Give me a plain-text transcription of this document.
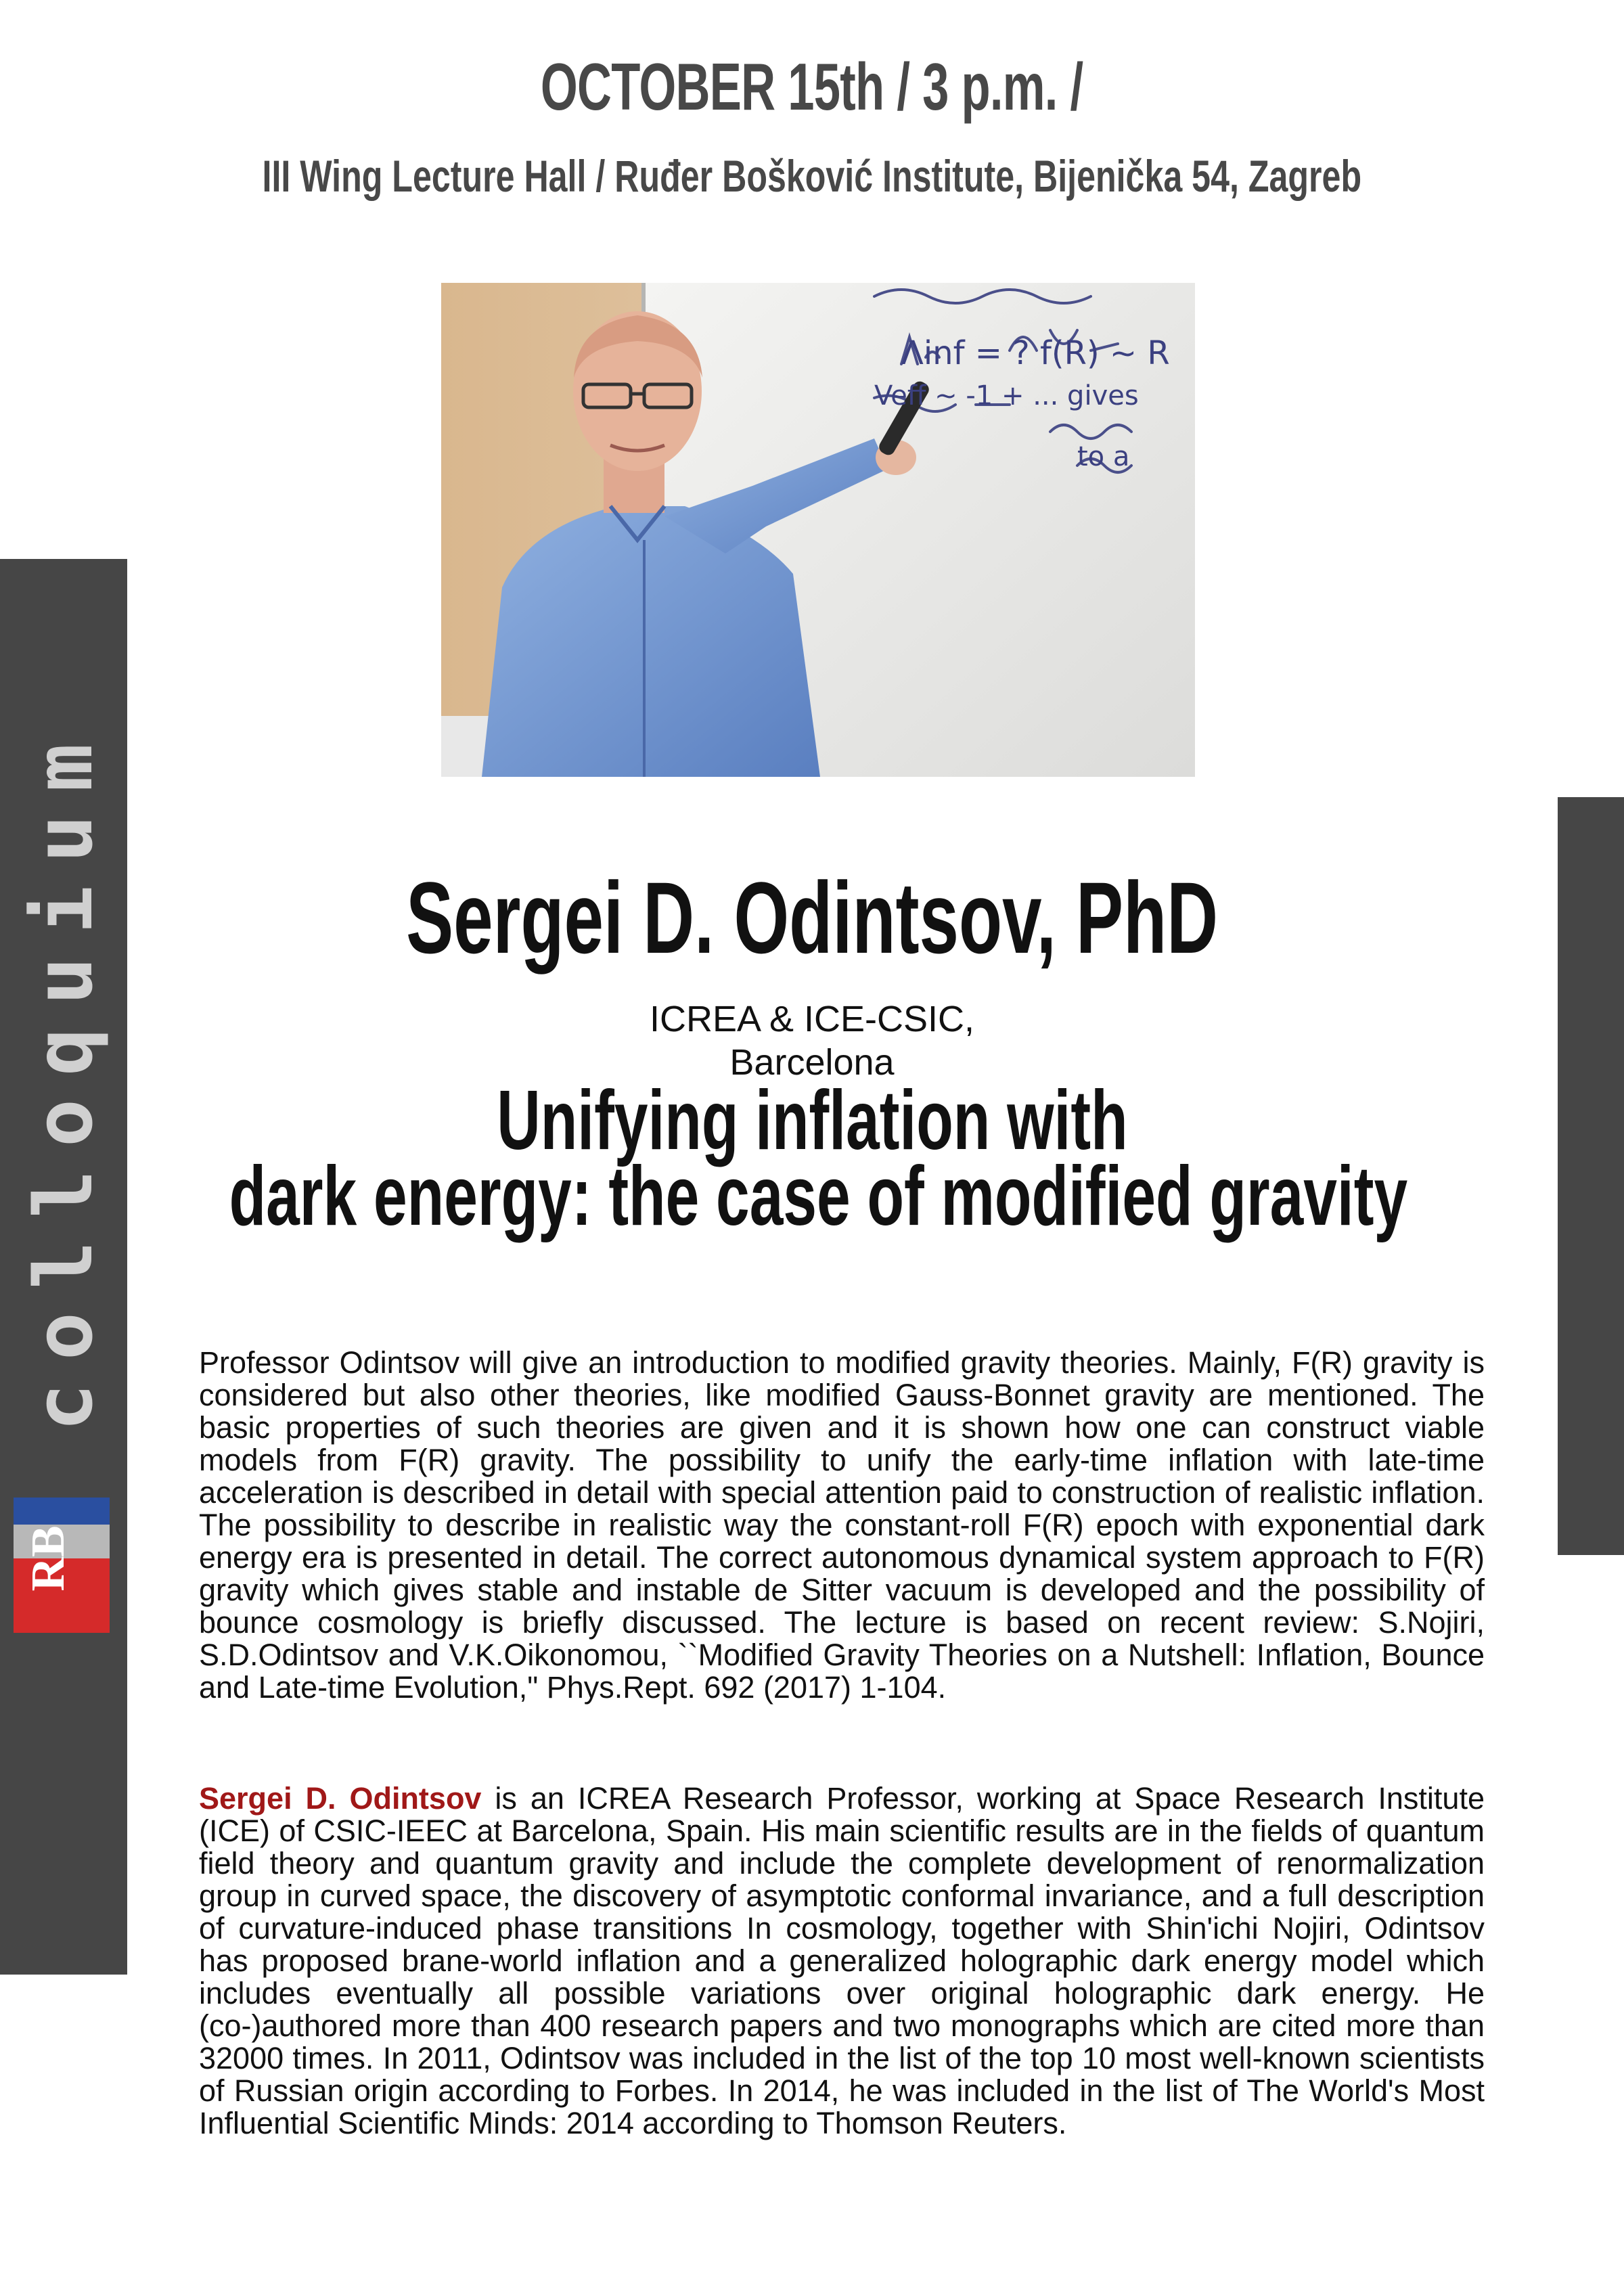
OCTOBER 15th / 3 p.m. /
III Wing Lecture Hall / Ruđer Bošković Institute, Bijenička 54, Zagreb
colloquium
RB
Λinf = ? f(R) ~ R
Veff ~ -1 + ... gives
to a
Sergei D. Odintsov, PhD
ICREA & ICE-CSIC,
Barcelona
Unifying inflation with
dark energy: the case of modified gravity
Professor Odintsov will give an introduction to modified gravity theories. Mainly, F(R) gravity is considered but also other theories, like modified Gauss-Bonnet gravity are mentioned. The basic properties of such theories are given and it is shown how one can construct viable models from F(R) gravity. The possibility to unify the early-time inflation with late-time acceleration is described in detail with special attention paid to construction of realistic inflation. The possibility to describe in realistic way the constant-roll F(R) epoch with exponential dark energy era is presented in detail. The correct autonomous dynamical system approach to F(R) gravity which gives stable and instable de Sitter vacuum is developed and the possibility of bounce cosmology is briefly discussed. The lecture is based on recent review: S.Nojiri, S.D.Odintsov and V.K.Oikonomou, ``Modified Gravity Theories on a Nutshell: Inflation, Bounce and Late-time Evolution," Phys.Rept. 692 (2017) 1-104.
Sergei D. Odintsov is an ICREA Research Professor, working at Space Research Institute (ICE) of CSIC-IEEC at Barcelona, Spain. His main scientific results are in the fields of quantum field theory and quantum gravity and include the complete development of renormalization group in curved space, the discovery of asymptotic conformal invariance, and a full description of curvature-induced phase transitions In cosmology, together with Shin'ichi Nojiri, Odintsov has proposed brane-world inflation and a generalized holographic dark energy model which includes eventually all possible variations over original holographic dark energy. He (co-)authored more than 400 research papers and two monographs which are cited more than 32000 times. In 2011, Odintsov was included in the list of the top 10 most well-known scientists of Russian origin according to Forbes. In 2014, he was included in the list of The World's Most Influential Scientific Minds: 2014 according to Thomson Reuters.
